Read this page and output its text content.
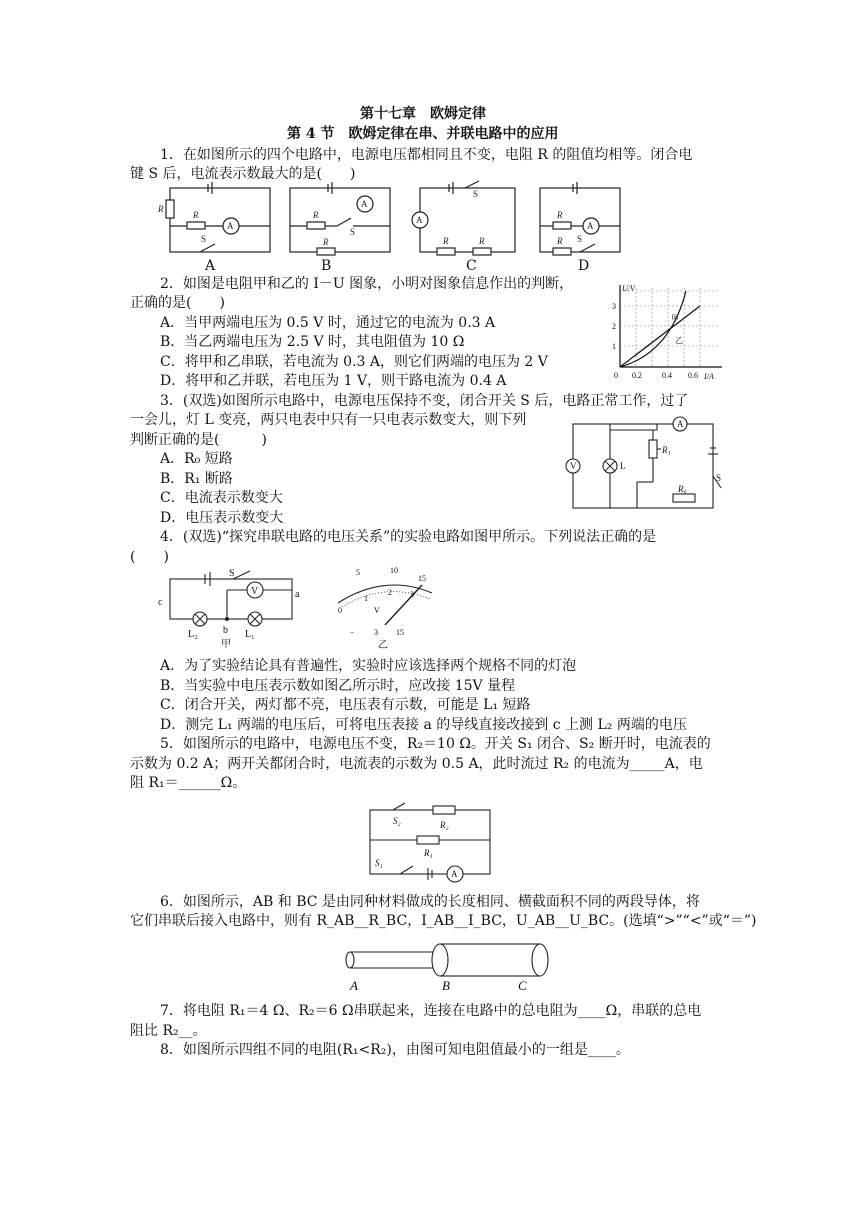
第十七章　欧姆定律
第 4 节　欧姆定律在串、并联电路中的应用
1．在如图所示的四个电路中，电源电压都相同且不变，电阻 R 的阻值均相等。闭合电
键 S 后，电流表示数最大的是(　　)
R
R	R
R	R	R
R
R
A
A
A
A
S
S
S
S
A	B	C	D
2．如图是电阻甲和乙的 I－U 图象，小明对图象信息作出的判断，
正确的是(　　)
A．当甲两端电压为 0.5 V 时，通过它的电流为 0.3 A
B．当乙两端电压为 2.5 V 时，其电阻值为 10 Ω
C．将甲和乙串联，若电流为 0.3 A，则它们两端的电压为 2 V
D．将甲和乙并联，若电压为 1 V，则干路电流为 0.4 A
U/V
I/A
1
2
3
0 0.2	0.4 0.6
甲
乙
3．(双选)如图所示电路中，电源电压保持不变，闭合开关 S 后，电路正常工作，过了
一会儿，灯 L 变亮，两只电表中只有一只电表示数变大，则下列
判断正确的是(　　　)
A．R₀ 短路
B．R₁ 断路
C．电流表示数变大
D．电压表示数变大
V
A
L
R₁
R₀
S
4．(双选)“探究串联电路的电压关系”的实验电路如图甲所示。下列说法正确的是
(　　)
S
V	a
c
b
L₂	L₁
甲
5	10
15
0
1
2 3
V
− 3 15
乙
A．为了实验结论具有普遍性，实验时应该选择两个规格不同的灯泡
B．当实验中电压表示数如图乙所示时，应改接 15V 量程
C．闭合开关，两灯都不亮，电压表有示数，可能是 L₁ 短路
D．测完 L₁ 两端的电压后，可将电压表接 a 的导线直接改接到 c 上测 L₂ 两端的电压
5．如图所示的电路中，电源电压不变，R₂＝10 Ω。开关 S₁ 闭合、S₂ 断开时，电流表的
示数为 0.2 A；两开关都闭合时，电流表的示数为 0.5 A，此时流过 R₂ 的电流为_____A，电
阻 R₁＝______Ω。
S₂	R₂
R₁
S₁
A
6．如图所示，AB 和 BC 是由同种材料做成的长度相同、横截面积不同的两段导体，将
它们串联后接入电路中，则有 R_AB__R_BC，I_AB__I_BC，U_AB__U_BC。(选填“>”“<”或“＝”)
A	B	C
7．将电阻 R₁＝4 Ω、R₂＝6 Ω串联起来，连接在电路中的总电阻为____Ω，串联的总电
阻比 R₂__。
8．如图所示四组不同的电阻(R₁<R₂)，由图可知电阻值最小的一组是____。
